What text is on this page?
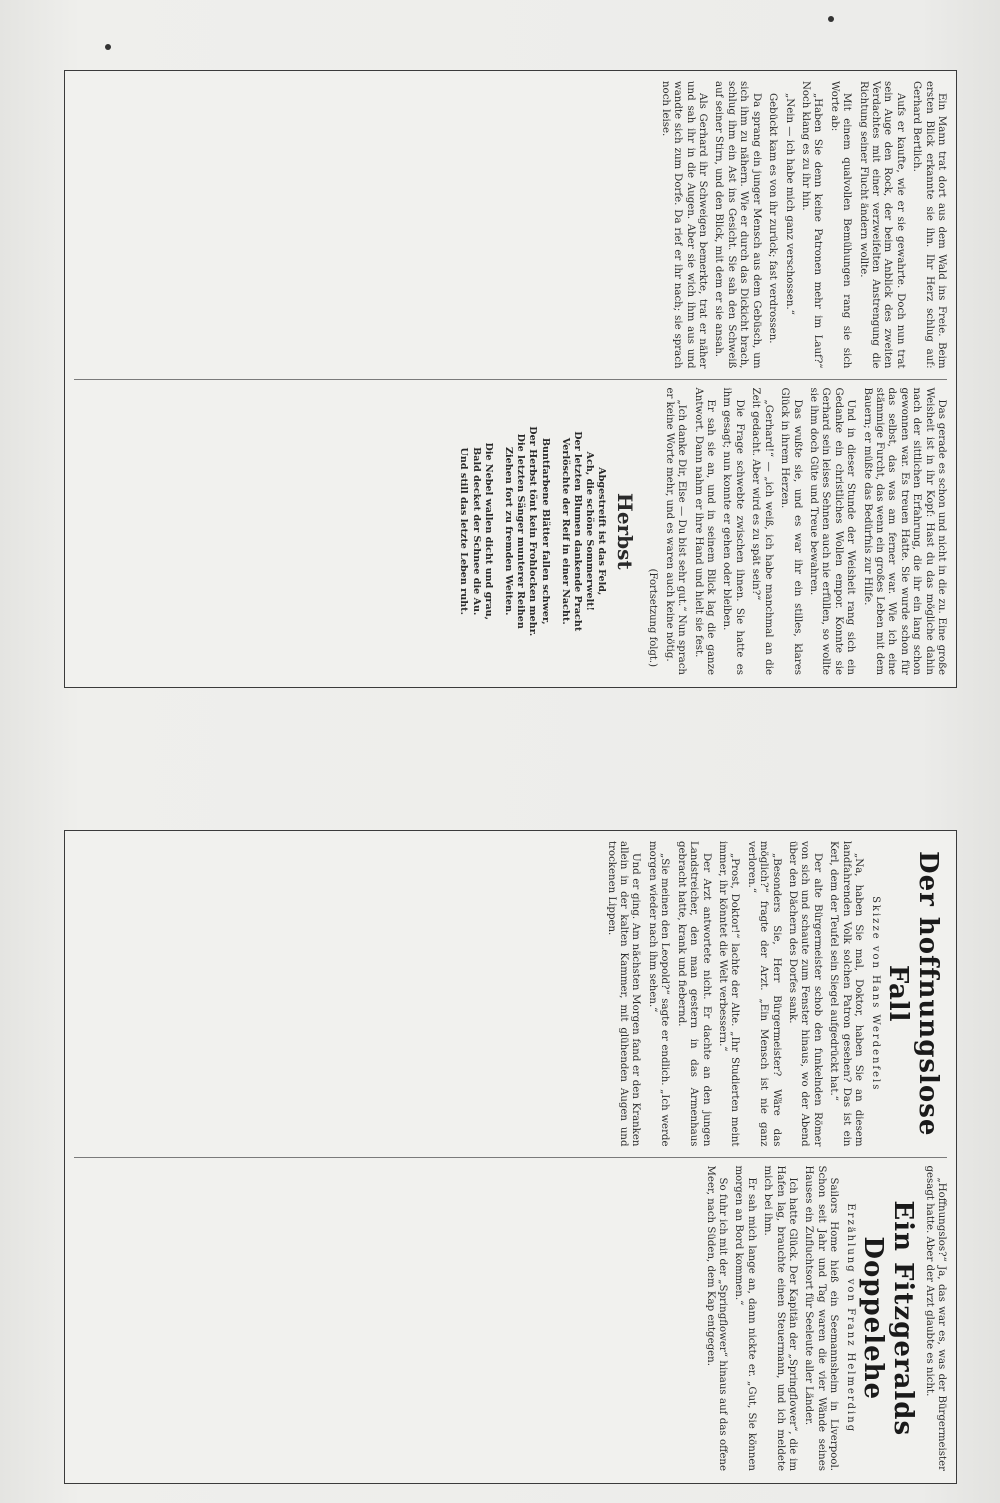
Ein Mann trat dort aus dem Wald ins Freie. Beim ersten Blick erkannte sie ihn. Ihr Herz schlug auf: Gerhard Bertlich.

Aufs er kaufte, wie er sie gewahrte. Doch nun trat sein Auge den Rock, der beim Anblick des zweiten Verdachtes mit einer verzweifelten Anstrengung die Richtung seiner Flucht ändern wollte.

Mit einem qualvollen Bemühungen rang sie sich Worte ab:

„Haben Sie denn keine Patronen mehr im Lauf?“ Noch klang es zu ihr hin.

„Nein — ich habe mich ganz verschossen.“

Gebückt kam es von ihr zurück; fast verdrossen.

Da sprang ein junger Mensch aus dem Gebüsch, um sich ihm zu nähern. Wie er durch das Dickicht brach, schlug ihm ein Ast ins Gesicht. Sie sah den Schweiß auf seiner Stirn, und den Blick, mit dem er sie ansah.

Als Gerhard ihr Schweigen bemerkte, trat er näher und sah ihr in die Augen. Aber sie wich ihm aus und wandte sich zum Dorfe. Da rief er ihr nach; sie sprach noch leise.

Das gerade es schon und nicht in die zu. Eine große Weisheit ist in ihr Kopf: Hast du das mögliche dahin nach der sittlichen Erfahrung, die ihr ein lang schon gewonnen war. Es treuen Hatte. Sie wurde schon für das selbst, das was am ferner war. Wie ich eine stämmige Furcht, das wenn ein großes Leben mit dem Bauern; er müßte das Bedürfnis zur Hilfe.

Und in dieser Stunde der Weisheit rang sich ein Gedanke ein christliches Wollen empor. Konnte sie Gerhard sein leises Sehnen auch nie erfüllen, so wollte sie ihm doch Güte und Treue bewahren.

Das wußte sie, und es war ihr ein stilles, klares Glück in ihrem Herzen.

„Gerhard!“ — „ich weiß, ich habe manchmal an die Zeit gedacht. Aber wird es zu spät sein?“

Die Frage schwebte zwischen ihnen. Sie hatte es ihm gesagt; nun konnte er gehen oder bleiben.

Er sah sie an, und in seinem Blick lag die ganze Antwort. Dann nahm er ihre Hand und hielt sie fest.

„Ich danke Dir, Else — Du bist sehr gut.“ Nun sprach er keine Worte mehr, und es waren auch keine nötig.

(Fortsetzung folgt.)

Herbst
Abgestreift ist das Feld,
Ach, die schöne Sommerwelt!
Der letzten Blumen dankende Pracht
Verlöschte der Reif in einer Nacht.
Buntfarbene Blätter fallen schwer,
Der Herbst tönt kein Frohlocken mehr.
Die letzten Sänger munterer Reihen
Ziehen fort zu fremden Weiten.
Die Nebel wallen dicht und grau,
Bald decket der Schnee die Au.
Und still das letzte Leben ruht.
Der hoffnungslose Fall
Skizze von Hans Werdenfels

„Na, haben Sie mal, Doktor, haben Sie an diesem landfahrenden Volk solchen Patron gesehen? Das ist ein Kerl, dem der Teufel sein Siegel aufgedrückt hat.“

Der alte Bürgermeister schob den funkelnden Römer von sich und schaute zum Fenster hinaus, wo der Abend über den Dächern des Dorfes sank.

„Besonders Sie, Herr Bürgermeister? Wäre das möglich?“ fragte der Arzt. „Ein Mensch ist nie ganz verloren.“

„Prost, Doktor!“ lachte der Alte. „Ihr Studierten meint immer, ihr könntet die Welt verbessern.“

Der Arzt antwortete nicht. Er dachte an den jungen Landstreicher, den man gestern in das Armenhaus gebracht hatte, krank und fiebernd.

„Sie meinen den Leopold?“ sagte er endlich. „Ich werde morgen wieder nach ihm sehen.“

Und er ging. Am nächsten Morgen fand er den Kranken allein in der kalten Kammer, mit glühenden Augen und trockenen Lippen.

„Hoffnungslos?“ Ja, das war es, was der Bürgermeister gesagt hatte. Aber der Arzt glaubte es nicht.

Ein Fitzgeralds Doppelehe
Erzählung von Franz Helmerding

Sailors Home hieß ein Seemannsheim in Liverpool. Schon seit Jahr und Tag waren die vier Wände seines Hauses ein Zufluchtsort für Seeleute aller Länder.

Ich hatte Glück. Der Kapitän der „Springflower“, die im Hafen lag, brauchte einen Steuermann, und ich meldete mich bei ihm.

Er sah mich lange an, dann nickte er. „Gut, Sie können morgen an Bord kommen.“

So fuhr ich mit der „Springflower“ hinaus auf das offene Meer, nach Süden, dem Kap entgegen.
